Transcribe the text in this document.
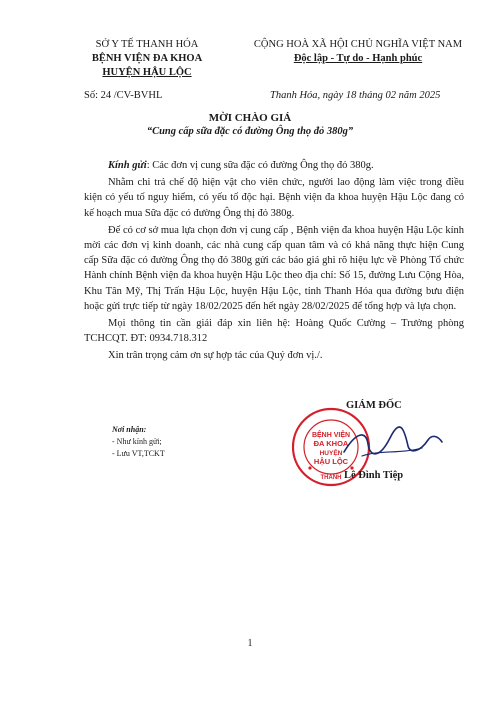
SỞ Y TẾ THANH HÓA
BỆNH VIỆN ĐA KHOA
HUYỆN HẬU LỘC
CỘNG HOÀ XÃ HỘI CHỦ NGHĨA VIỆT NAM
Độc lập - Tự do - Hạnh phúc
Số: 24 /CV-BVHL	Thanh Hóa, ngày 18 tháng 02 năm 2025
MỜI CHÀO GIÁ
“Cung cấp sữa đặc có đường Ông thọ đỏ 380g”

Kính gửi: Các đơn vị cung sữa đặc có đường Ông thọ đỏ 380g.

Nhằm chi trả chế độ hiện vật cho viên chức, người lao động làm việc trong điều kiện có yếu tố nguy hiểm, có yếu tố độc hại. Bệnh viện đa khoa huyện Hậu Lộc đang có kế hoạch mua Sữa đặc có đường Ông thị đỏ 380g.

Để có cơ sở mua lựa chọn đơn vị cung cấp , Bệnh viện đa khoa huyện Hậu Lộc kính mời các đơn vị kinh doanh, các nhà cung cấp quan tâm và có khả năng thực hiện Cung cấp Sữa đặc có đường Ông thọ đỏ 380g gửi các báo giá ghi rõ hiệu lực về Phòng Tổ chức Hành chính Bệnh viện đa khoa huyện Hậu Lộc theo địa chỉ: Số 15, đường Lưu Cộng Hòa, Khu Tân Mỹ, Thị Trấn Hậu Lộc, huyện Hậu Lộc, tỉnh Thanh Hóa qua đường bưu điện hoặc gửi trực tiếp từ ngày 18/02/2025 đến hết ngày 28/02/2025 để tổng hợp và lựa chọn.

Mọi thông tin cần giải đáp xin liên hệ: Hoàng Quốc Cường – Trưởng phòng TCHCQT. ĐT: 0934.718.312

Xin trân trọng cảm ơn sự hợp tác của Quý đơn vị./.

Nơi nhận:
- Như kính gửi;
- Lưu VT,TCKT
GIÁM ĐỐC
THANH
BỆNH VIỆN
ĐA KHOA
HUYỆN
HẬU LỘC
Lê Đình Tiệp
1
